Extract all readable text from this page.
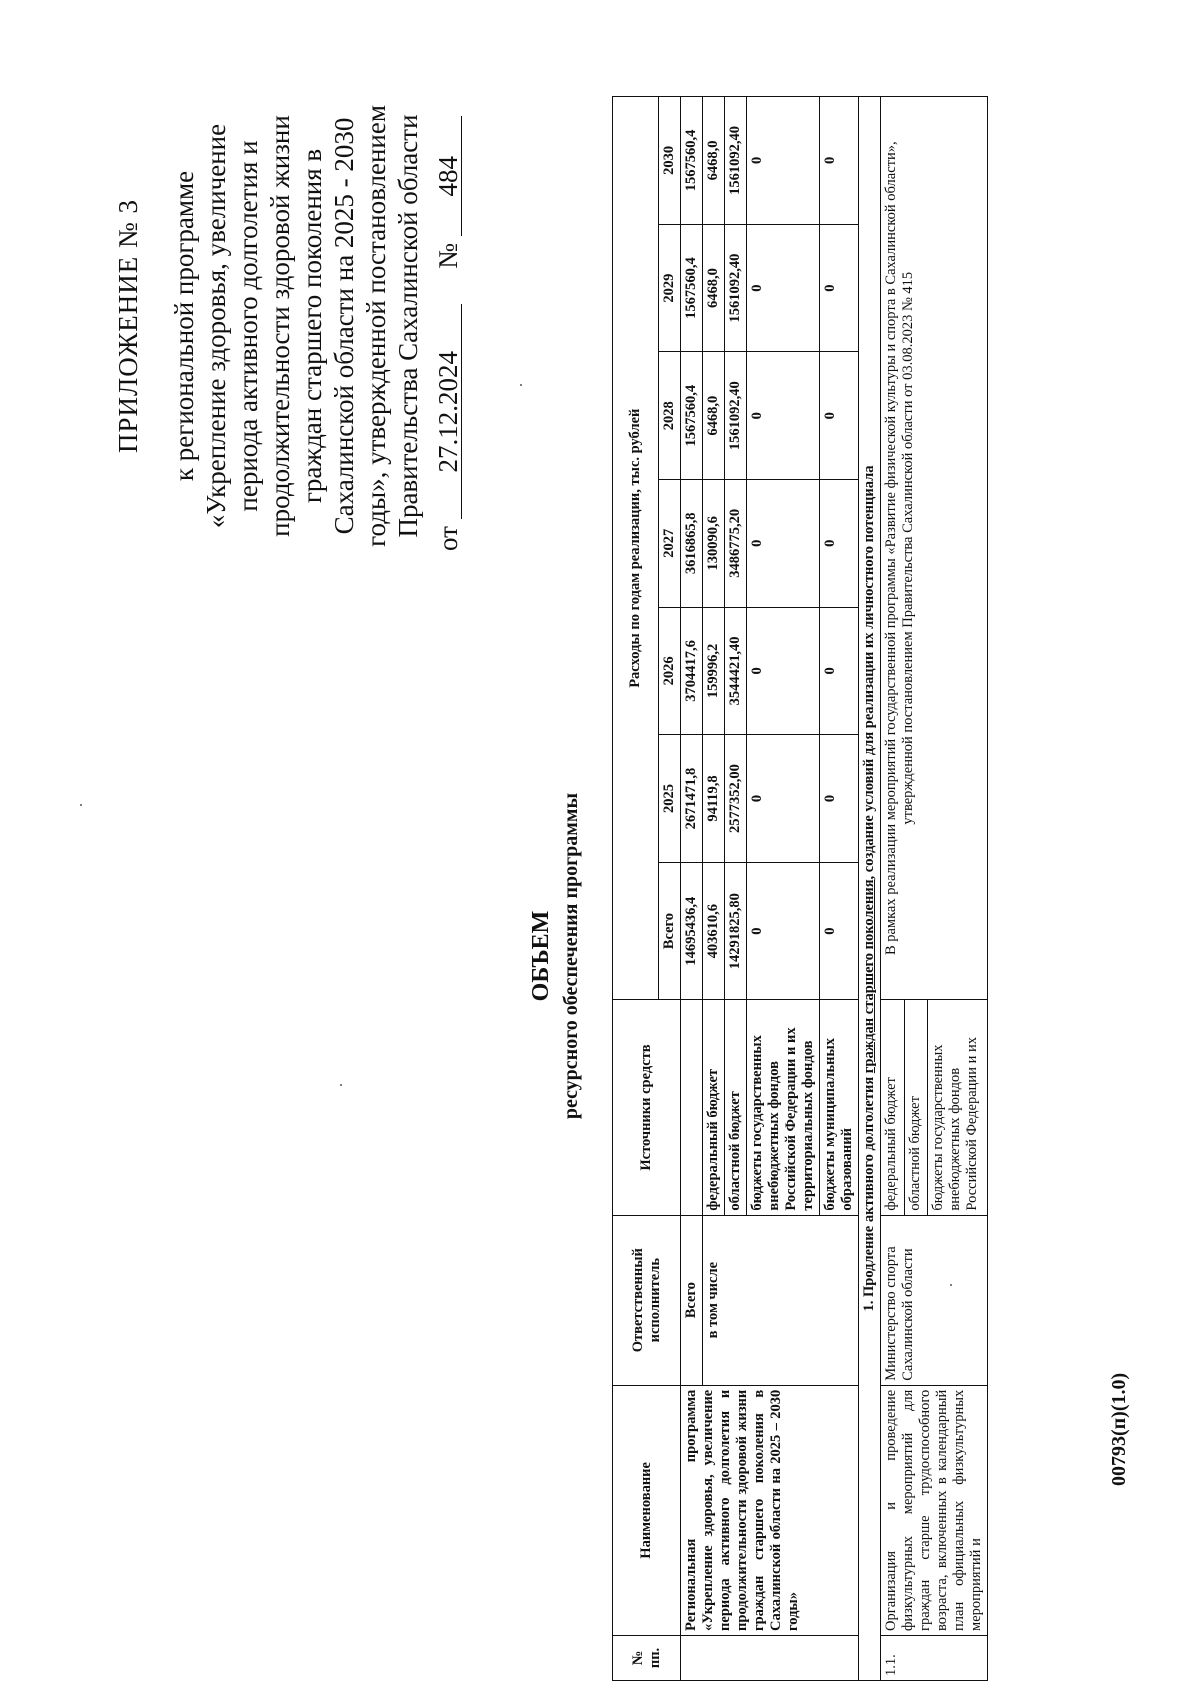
ПРИЛОЖЕНИЕ № 3 к региональной программе «Укрепление здоровья, увеличение периода активного долголетия и продолжительности здоровой жизни граждан старшего поколения в Сахалинской области на 2025 - 2030 годы», утвержденной постановлением Правительства Сахалинской области
от 27.12.2024  № 484
ОБЪЕМ ресурсного обеспечения программы
№ пп.	Наименование	Ответственный исполнитель	Источники средств	Расходы по годам реализации, тыс. рублей						
				Всего	2025	2026	2027	2028	2029	2030
	Региональная программа «Укрепление здоровья, увеличение периода активного долголетия и продолжительности здоровой жизни граждан старшего поколения в Сахалинской области на 2025 – 2030 годы»	Всего		14695436,4	2671471,8	3704417,6	3616865,8	1567560,4	1567560,4	1567560,4
		в том числе	федеральный бюджет	403610,6	94119,8	159996,2	130090,6	6468,0	6468,0	6468,0
			областной бюджет	14291825,80	2577352,00	3544421,40	3486775,20	1561092,40	1561092,40	1561092,40
			бюджеты государственных внебюджетных фондов Российской Федерации и их территориальных фондов	0	0	0	0	0	0	0
			бюджеты муниципальных образований	0	0	0	0	0	0	0
1. Продление активного долголетия граждан старшего поколения, создание условий для реализации их личностного потенциала										
1.1.	Организация и проведение физкультурных мероприятий для граждан старше трудоспособного возраста, включенных в календарный план официальных физкультурных мероприятий и	Министерство спорта Сахалинской области	федеральный бюджет	В рамках реализации мероприятий государственной программы «Развитие физической культуры и спорта в Сахалинской области», утвержденной постановлением Правительства Сахалинской области от 03.08.2023 № 415						
			областной бюджет							
			бюджеты государственных внебюджетных фондов Российской Федерации и их							
00793(п)(1.0)
